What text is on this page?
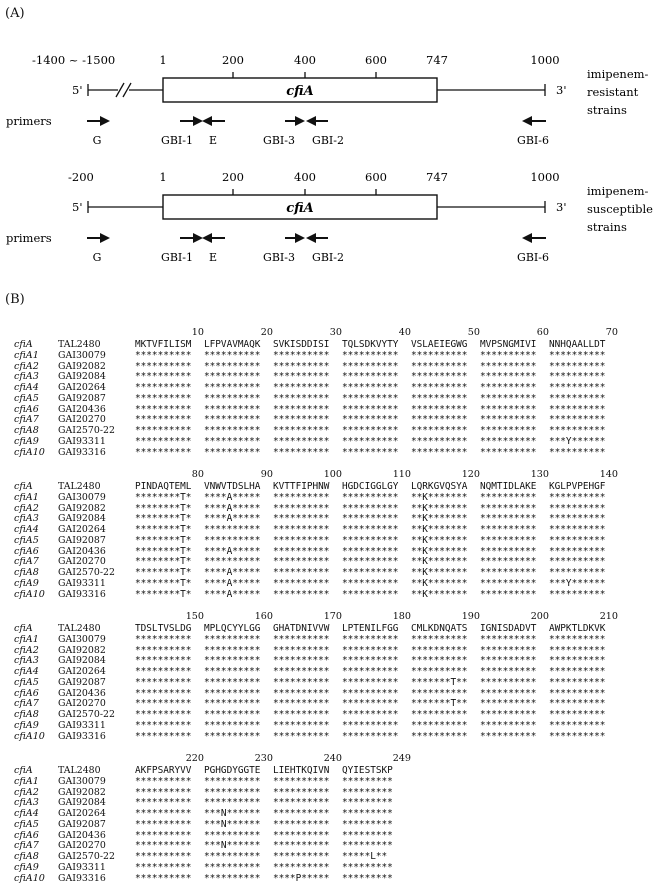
(A)
-1400 ~ -1500	1	200	400	600	747	1000
5'	cfiA	3'
imipenem-
resistant
strains
primers
G	GBI-1 E	GBI-3 GBI-2	GBI-6
-200	1	200	400	600	747	1000
5'	cfiA	3'
imipenem-
susceptible
strains
primers
G	GBI-1 E	GBI-3 GBI-2	GBI-6
(B)
10	20	30	40	50	60	70
cfiA	TAL2480	MKTVFILISM	LFPVAVMAQK	SVKISDDISI	TQLSDKVYTY	VSLAEIEGWG	MVPSNGMIVI	NNHQAALLDT
cfiA1	GAI30079	**********	**********	**********	**********	**********	**********	**********
cfiA2	GAI92082	**********	**********	**********	**********	**********	**********	**********
cfiA3	GAI92084	**********	**********	**********	**********	**********	**********	**********
cfiA4	GAI20264	**********	**********	**********	**********	**********	**********	**********
cfiA5	GAI92087	**********	**********	**********	**********	**********	**********	**********
cfiA6	GAI20436	**********	**********	**********	**********	**********	**********	**********
cfiA7	GAI20270	**********	**********	**********	**********	**********	**********	**********
cfiA8	GAI2570-22	**********	**********	**********	**********	**********	**********	**********
cfiA9	GAI93311	**********	**********	**********	**********	**********	**********	***Y******
cfiA10	GAI93316	**********	**********	**********	**********	**********	**********	**********
80	90	100	110	120	130	140
cfiA	TAL2480	PINDAQTEML	VNWVTDSLHA	KVTTFIPHNW	HGDCIGGLGY	LQRKGVQSYA	NQMTIDLAKE	KGLPVPEHGF
cfiA1	GAI30079	********T*	****A*****	**********	**********	**K*******	**********	**********
cfiA2	GAI92082	********T*	****A*****	**********	**********	**K*******	**********	**********
cfiA3	GAI92084	********T*	****A*****	**********	**********	**K*******	**********	**********
cfiA4	GAI20264	********T*	**********	**********	**********	**K*******	**********	**********
cfiA5	GAI92087	********T*	**********	**********	**********	**K*******	**********	**********
cfiA6	GAI20436	********T*	****A*****	**********	**********	**K*******	**********	**********
cfiA7	GAI20270	********T*	**********	**********	**********	**K*******	**********	**********
cfiA8	GAI2570-22	********T*	****A*****	**********	**********	**K*******	**********	**********
cfiA9	GAI93311	********T*	****A*****	**********	**********	**K*******	**********	***Y******
cfiA10	GAI93316	********T*	****A*****	**********	**********	**K*******	**********	**********
150	160	170	180	190	200	210
cfiA	TAL2480	TDSLTVSLDG	MPLQCYYLGG	GHATDNIVVW	LPTENILFGG	CMLKDNQATS	IGNISDADVT	AWPKTLDKVK
cfiA1	GAI30079	**********	**********	**********	**********	**********	**********	**********
cfiA2	GAI92082	**********	**********	**********	**********	**********	**********	**********
cfiA3	GAI92084	**********	**********	**********	**********	**********	**********	**********
cfiA4	GAI20264	**********	**********	**********	**********	**********	**********	**********
cfiA5	GAI92087	**********	**********	**********	**********	*******T**	**********	**********
cfiA6	GAI20436	**********	**********	**********	**********	**********	**********	**********
cfiA7	GAI20270	**********	**********	**********	**********	*******T**	**********	**********
cfiA8	GAI2570-22	**********	**********	**********	**********	**********	**********	**********
cfiA9	GAI93311	**********	**********	**********	**********	**********	**********	**********
cfiA10	GAI93316	**********	**********	**********	**********	**********	**********	**********
220	230	240	249
cfiA	TAL2480	AKFPSARYVV	PGHGDYGGTE	LIEHTKQIVN	QYIESTSKP
cfiA1	GAI30079	**********	**********	**********	*********
cfiA2	GAI92082	**********	**********	**********	*********
cfiA3	GAI92084	**********	**********	**********	*********
cfiA4	GAI20264	**********	***N******	**********	*********
cfiA5	GAI92087	**********	***N******	**********	*********
cfiA6	GAI20436	**********	**********	**********	*********
cfiA7	GAI20270	**********	***N******	**********	*********
cfiA8	GAI2570-22	**********	**********	**********	*****L**
cfiA9	GAI93311	**********	**********	**********	*********
cfiA10	GAI93316	**********	**********	****P*****	*********
